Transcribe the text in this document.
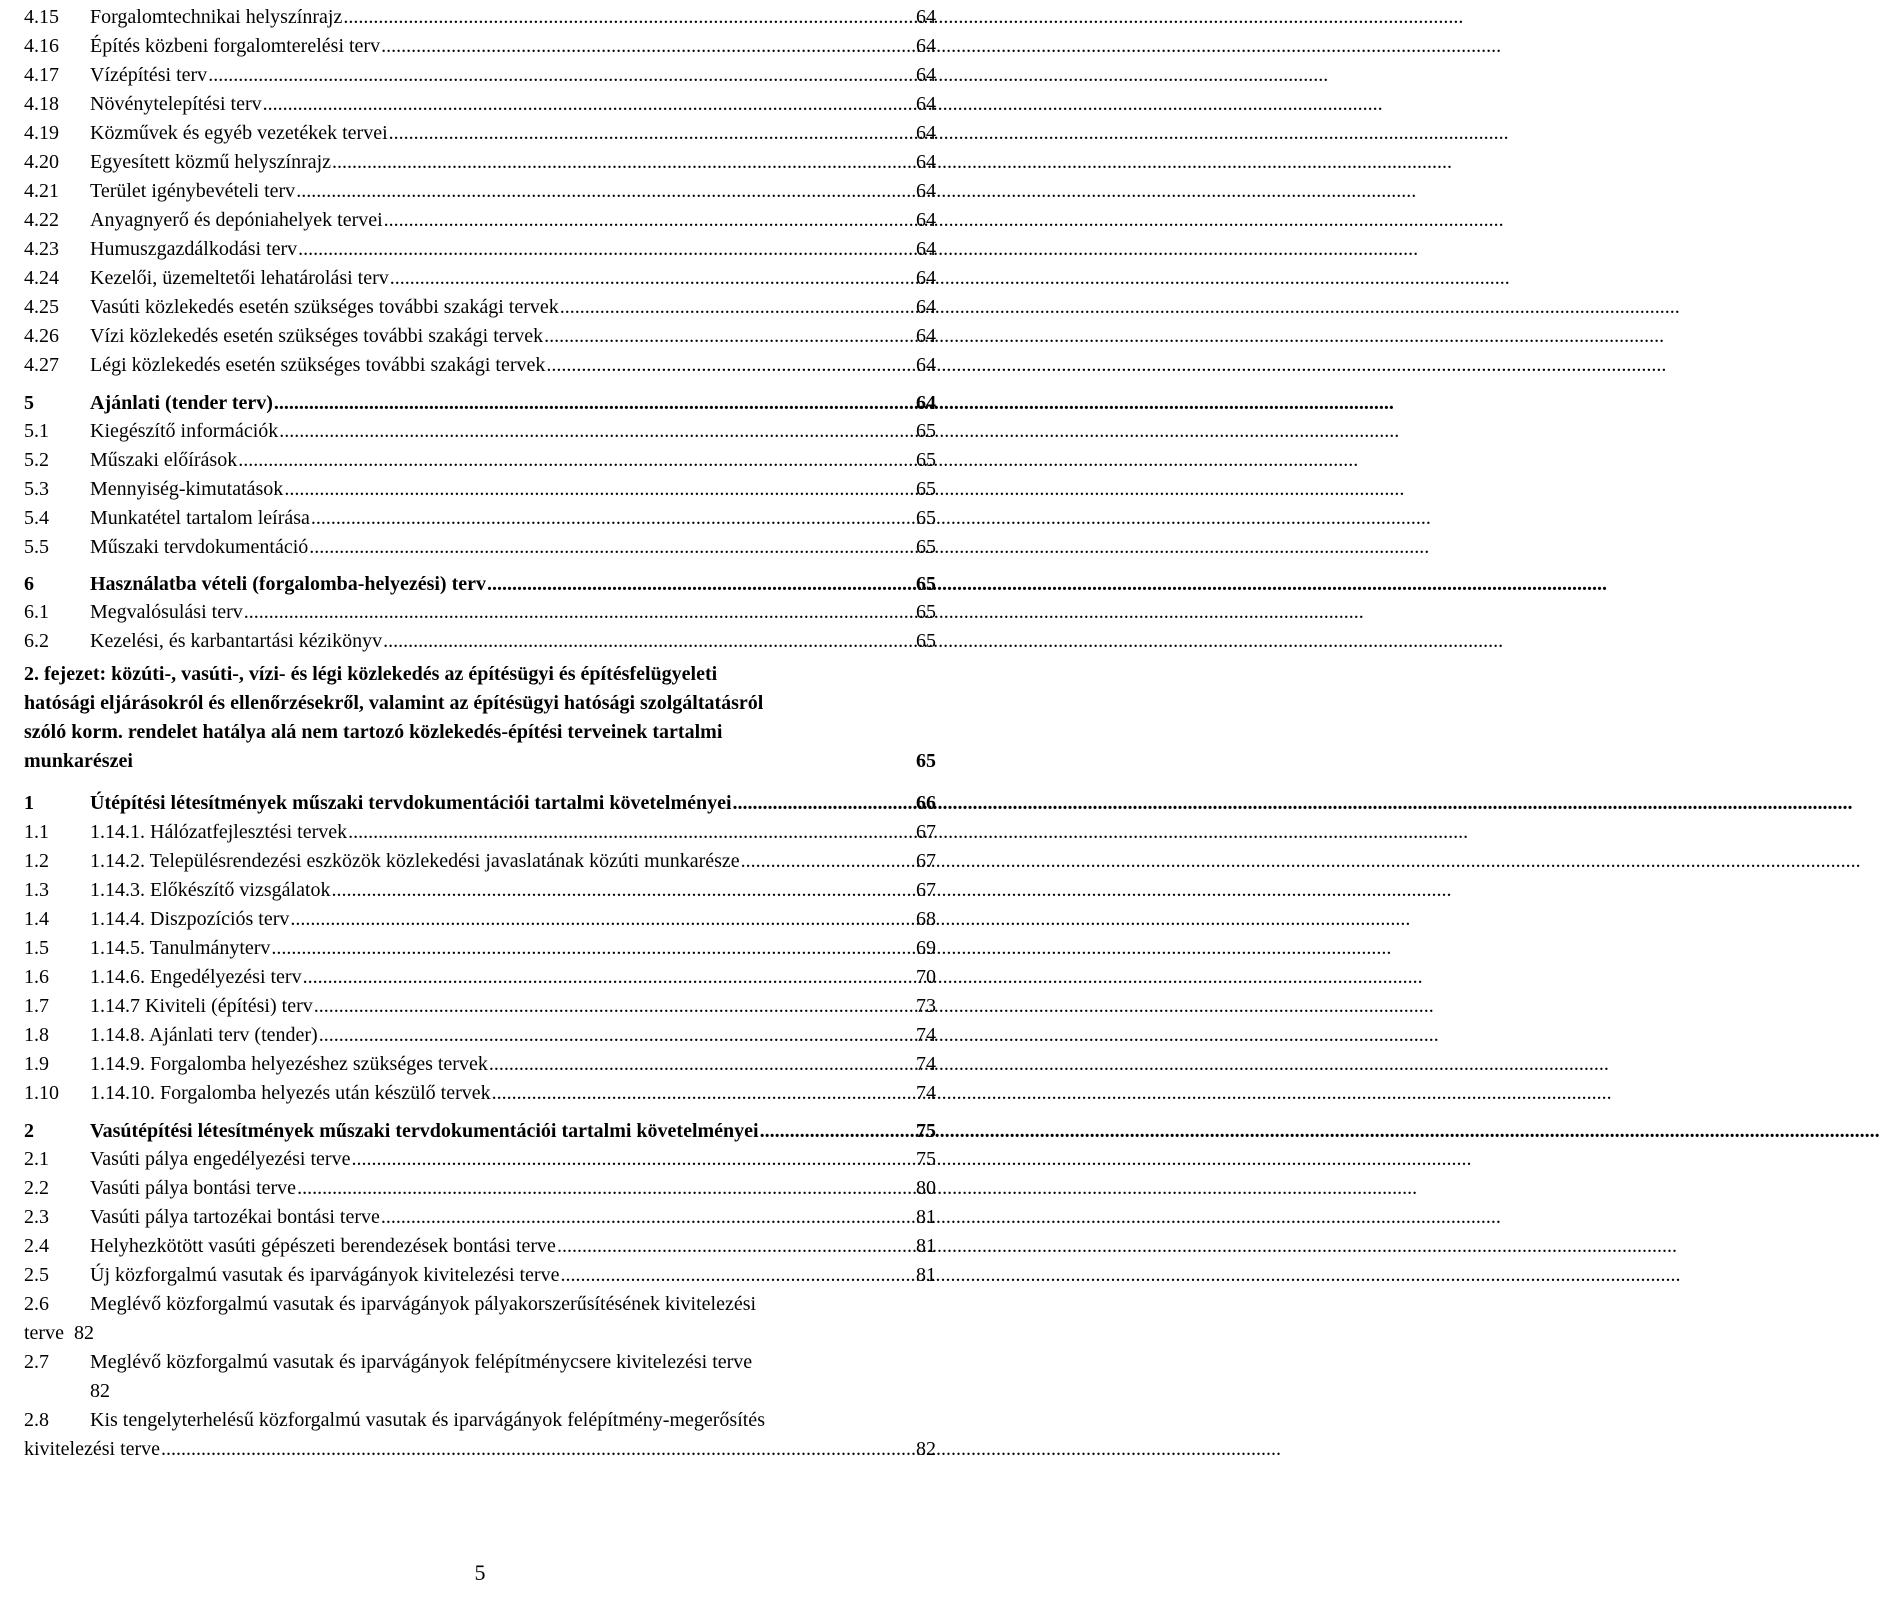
4.15	Forgalomtechnikai helyszínrajz .....	64
4.16	Építés közbeni forgalomterelési terv .....	64
4.17	Vízépítési terv .....	64
4.18	Növénytelepítési terv .....	64
4.19	Közművek és egyéb vezetékek tervei .....	64
4.20	Egyesített közmű helyszínrajz .....	64
4.21	Terület igénybevételi terv .....	64
4.22	Anyagnyerő és depóniahelyek tervei .....	64
4.23	Humuszgazdálkodási terv .....	64
4.24	Kezelői, üzemeltetői lehatárolási terv .....	64
4.25	Vasúti közlekedés esetén szükséges további szakági tervek .....	64
4.26	Vízi közlekedés esetén szükséges további szakági tervek .....	64
4.27	Légi közlekedés esetén szükséges további szakági tervek .....	64
5	Ajánlati (tender terv) .....	64
5.1	Kiegészítő információk .....	65
5.2	Műszaki előírások .....	65
5.3	Mennyiség-kimutatások .....	65
5.4	Munkatétel tartalom leírása .....	65
5.5	Műszaki tervdokumentáció .....	65
6	Használatba vételi (forgalomba-helyezési) terv .....	65
6.1	Megvalósulási terv .....	65
6.2	Kezelési, és karbantartási kézikönyv .....	65
2. fejezet: közúti-, vasúti-, vízi- és légi közlekedés az építésügyi és építésfelügyeleti
hatósági eljárásokról és ellenőrzésekről, valamint az építésügyi hatósági szolgáltatásról
szóló korm. rendelet hatálya alá nem tartozó közlekedés-építési terveinek tartalmi
munkarészei	65
1	Útépítési létesítmények műszaki tervdokumentációi tartalmi követelményei .....	66
1.1	1.14.1. Hálózatfejlesztési tervek .....	67
1.2	1.14.2. Településrendezési eszközök közlekedési javaslatának közúti munkarésze .....	67
1.3	1.14.3. Előkészítő vizsgálatok .....	67
1.4	1.14.4. Diszpozíciós terv .....	68
1.5	1.14.5. Tanulmányterv .....	69
1.6	1.14.6. Engedélyezési terv .....	70
1.7	1.14.7 Kiviteli (építési) terv .....	73
1.8	1.14.8. Ajánlati terv (tender) .....	74
1.9	1.14.9. Forgalomba helyezéshez szükséges tervek .....	74
1.10	1.14.10. Forgalomba helyezés után készülő tervek .....	74
2	Vasútépítési létesítmények műszaki tervdokumentációi tartalmi követelményei .....	75
2.1	Vasúti pálya engedélyezési terve .....	75
2.2	Vasúti pálya bontási terve .....	80
2.3	Vasúti pálya tartozékai bontási terve .....	81
2.4	Helyhezkötött vasúti gépészeti berendezések bontási terve .....	81
2.5	Új közforgalmú vasutak és iparvágányok kivitelezési terve .....	81
2.6	Meglévő közforgalmú vasutak és iparvágányok pályakorszerűsítésének kivitelezési
terve 82
2.7	Meglévő közforgalmú vasutak és iparvágányok felépítménycsere kivitelezési terve
82
2.8	Kis tengelyterhelésű közforgalmú vasutak és iparvágányok felépítmény-megerősítés
kivitelezési terve .....	82
5
